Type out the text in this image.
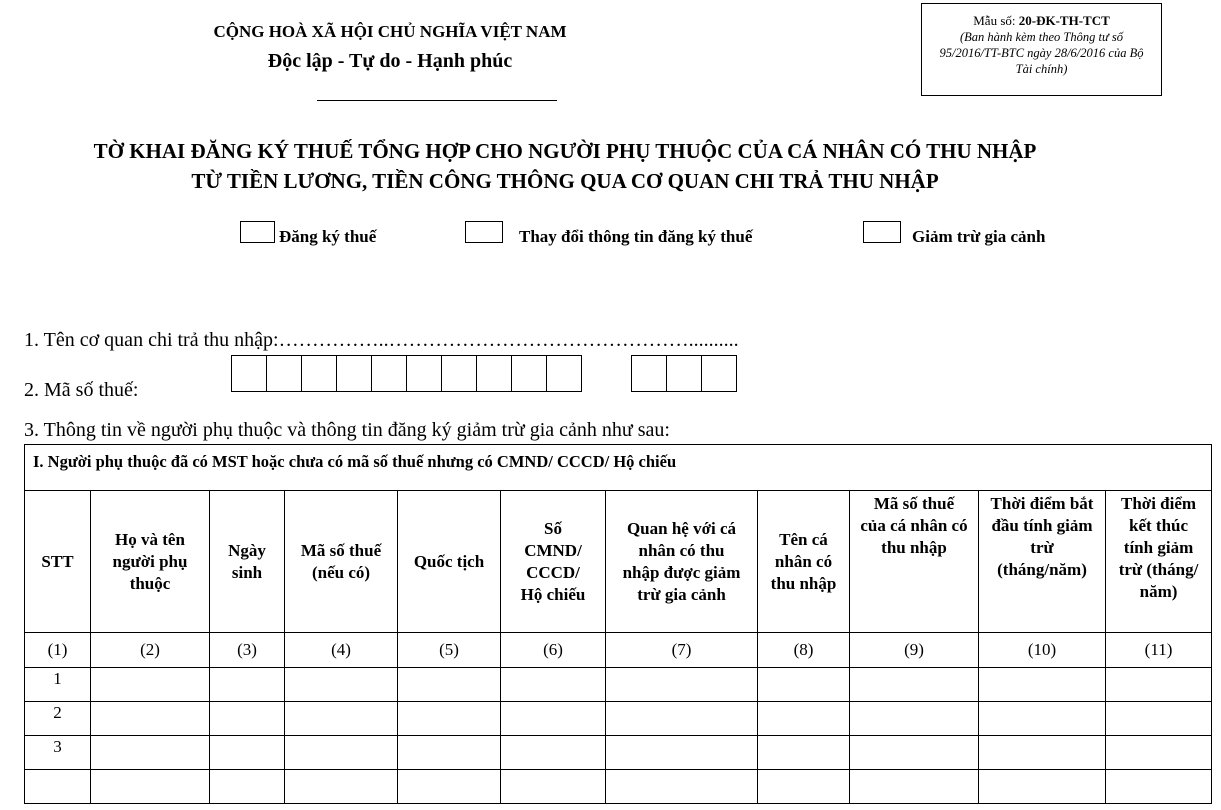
CỘNG HOÀ XÃ HỘI CHỦ NGHĨA VIỆT NAM
Độc lập - Tự do - Hạnh phúc
Mẫu số: 20-ĐK-TH-TCT
(Ban hành kèm theo Thông tư số 95/2016/TT-BTC ngày 28/6/2016 của Bộ Tài chính)
TỜ KHAI ĐĂNG KÝ THUẾ TỔNG HỢP CHO NGƯỜI PHỤ THUỘC CỦA CÁ NHÂN CÓ THU NHẬP
TỪ TIỀN LƯƠNG, TIỀN CÔNG THÔNG QUA CƠ QUAN CHI TRẢ THU NHẬP
Đăng ký thuế	Thay đổi thông tin đăng ký thuế	Giảm trừ gia cảnh
1. Tên cơ quan chi trả thu nhập:……………..………………………………………..........
2. Mã số thuế:
3. Thông tin về người phụ thuộc và thông tin đăng ký giảm trừ gia cảnh như sau:
I. Người phụ thuộc đã có MST hoặc chưa có mã số thuế nhưng có CMND/ CCCD/ Hộ chiếu										
STT	Họ và tên người phụ thuộc	Ngày sinh	Mã số thuế (nếu có)	Quốc tịch	Số CMND/ CCCD/ Hộ chiếu	Quan hệ với cá nhân có thu nhập được giảm trừ gia cảnh	Tên cá nhân có thu nhập	Mã số thuế của cá nhân có thu nhập	Thời điểm bắt đầu tính giảm trừ (tháng/năm)	Thời điểm kết thúc tính giảm trừ (tháng/ năm)
(1)	(2)	(3)	(4)	(5)	(6)	(7)	(8)	(9)	(10)	(11)
1										
2										
3										
